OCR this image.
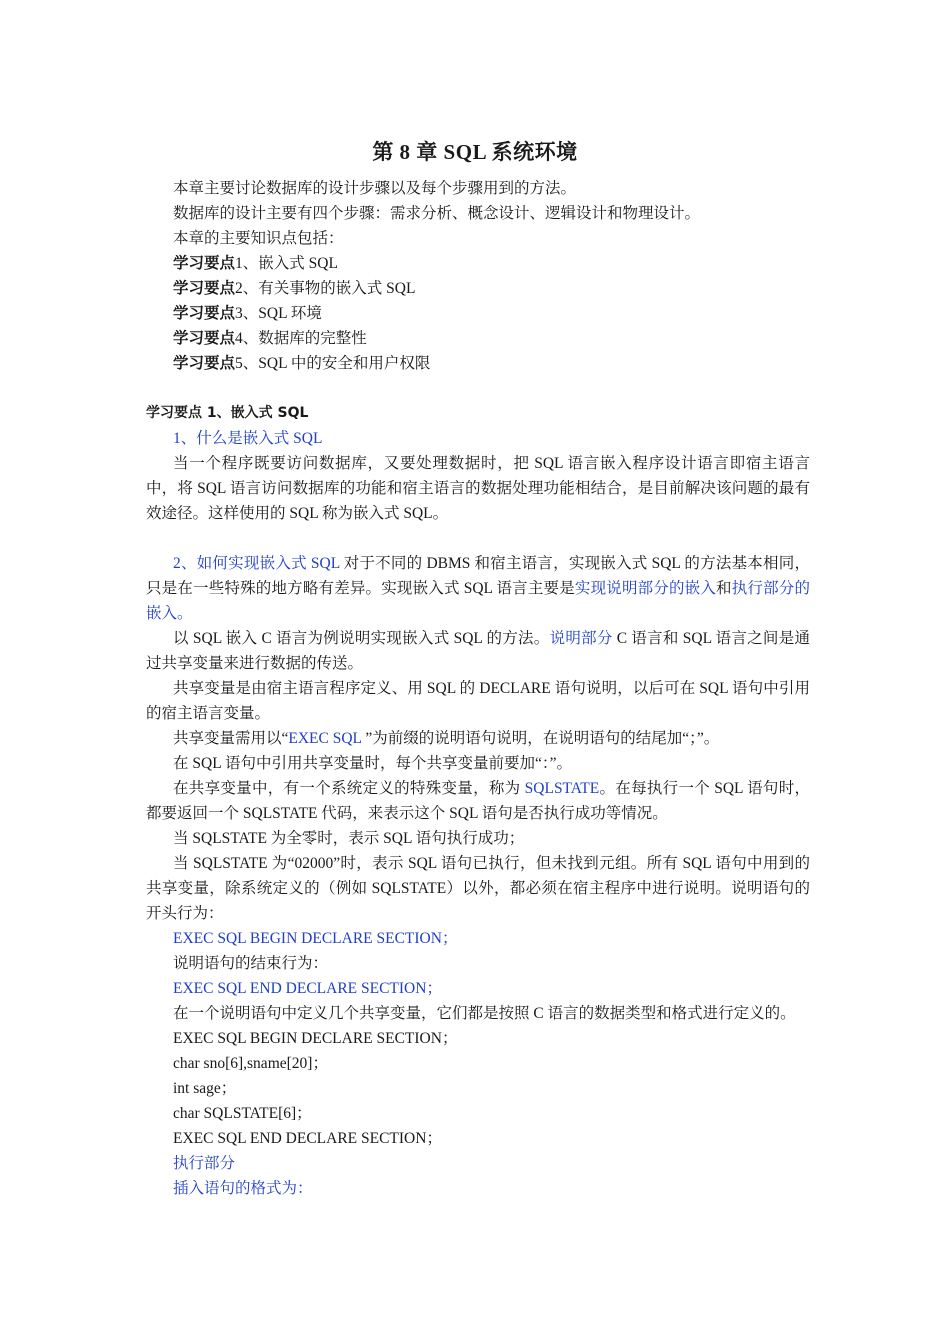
第 8 章 SQL 系统环境

本章主要讨论数据库的设计步骤以及每个步骤用到的方法。

数据库的设计主要有四个步骤：需求分析、概念设计、逻辑设计和物理设计。

本章的主要知识点包括：

学习要点1、嵌入式 SQL

学习要点2、有关事物的嵌入式 SQL

学习要点3、SQL 环境

学习要点4、数据库的完整性

学习要点5、SQL 中的安全和用户权限

学习要点 1、嵌入式 SQL

1、什么是嵌入式 SQL

当一个程序既要访问数据库，又要处理数据时，把 SQL 语言嵌入程序设计语言即宿主语言中，将 SQL 语言访问数据库的功能和宿主语言的数据处理功能相结合，是目前解决该问题的最有效途径。这样使用的 SQL 称为嵌入式 SQL。

2、如何实现嵌入式 SQL 对于不同的 DBMS 和宿主语言，实现嵌入式 SQL 的方法基本相同，只是在一些特殊的地方略有差异。实现嵌入式 SQL 语言主要是实现说明部分的嵌入和执行部分的嵌入。

以 SQL 嵌入 C 语言为例说明实现嵌入式 SQL 的方法。说明部分 C 语言和 SQL 语言之间是通过共享变量来进行数据的传送。

共享变量是由宿主语言程序定义、用 SQL 的 DECLARE 语句说明，以后可在 SQL 语句中引用的宿主语言变量。

共享变量需用以“EXEC SQL ”为前缀的说明语句说明，在说明语句的结尾加“；”。

在 SQL 语句中引用共享变量时，每个共享变量前要加“：”。

在共享变量中，有一个系统定义的特殊变量，称为 SQLSTATE。在每执行一个 SQL 语句时，都要返回一个 SQLSTATE 代码，来表示这个 SQL 语句是否执行成功等情况。

当 SQLSTATE 为全零时，表示 SQL 语句执行成功；

当 SQLSTATE 为“02000”时，表示 SQL 语句已执行，但未找到元组。所有 SQL 语句中用到的共享变量，除系统定义的（例如 SQLSTATE）以外，都必须在宿主程序中进行说明。说明语句的开头行为：

EXEC SQL BEGIN DECLARE SECTION；

说明语句的结束行为：

EXEC SQL END DECLARE SECTION；

在一个说明语句中定义几个共享变量，它们都是按照 C 语言的数据类型和格式进行定义的。

EXEC SQL BEGIN DECLARE SECTION；

char sno[6],sname[20]；

int sage；

char SQLSTATE[6]；

EXEC SQL END DECLARE SECTION；

执行部分

插入语句的格式为：
